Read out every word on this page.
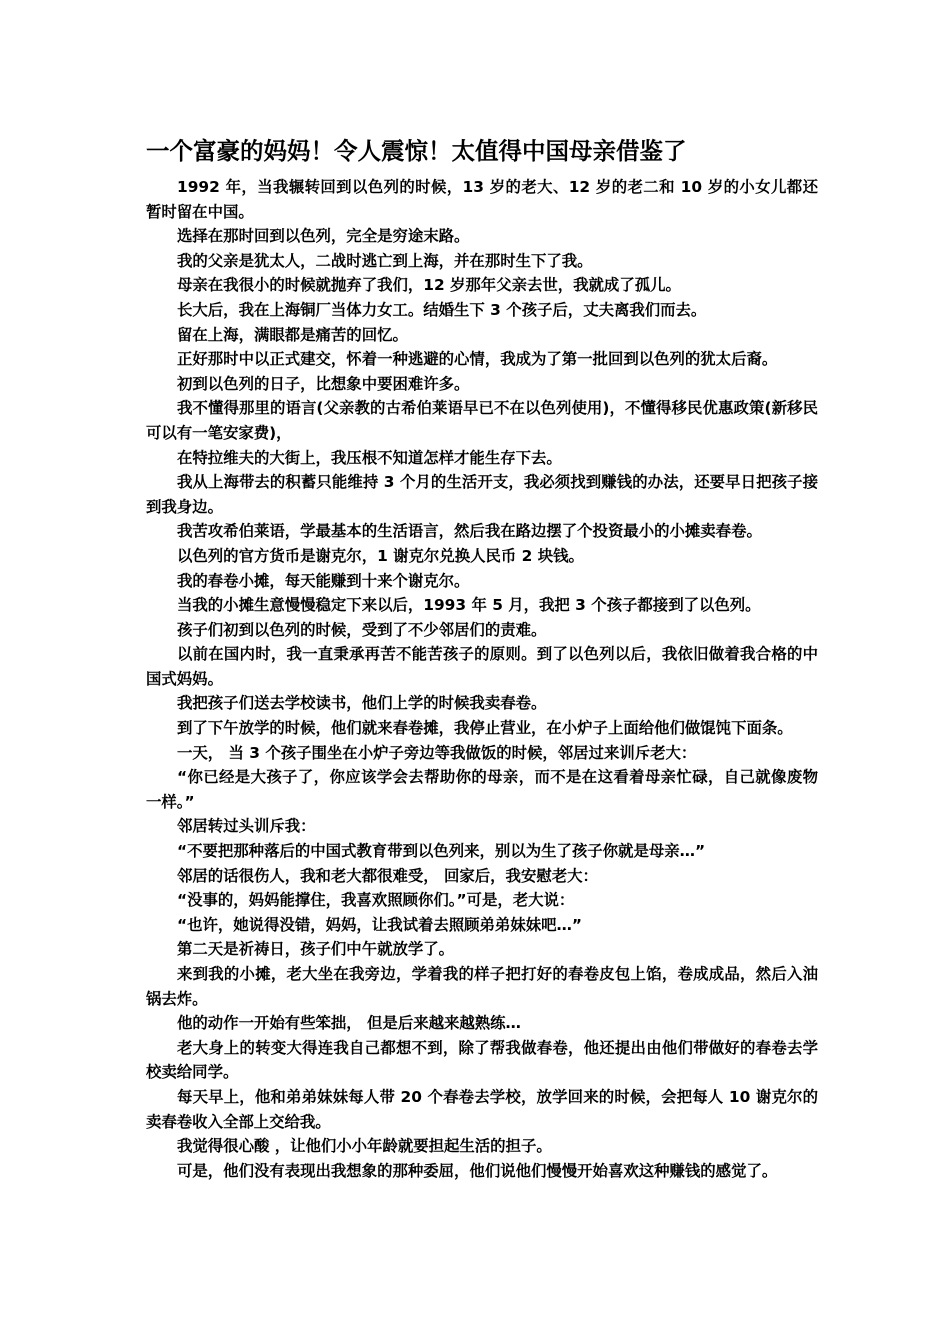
一个富豪的妈妈！令人震惊！太值得中国母亲借鉴了

1992 年，当我辗转回到以色列的时候，13 岁的老大、12 岁的老二和 10 岁的小女儿都还暂时留在中国。

选择在那时回到以色列，完全是穷途末路。

我的父亲是犹太人，二战时逃亡到上海，并在那时生下了我。

母亲在我很小的时候就抛弃了我们，12 岁那年父亲去世，我就成了孤儿。

长大后，我在上海铜厂当体力女工。结婚生下 3 个孩子后，丈夫离我们而去。

留在上海，满眼都是痛苦的回忆。

正好那时中以正式建交，怀着一种逃避的心情，我成为了第一批回到以色列的犹太后裔。

初到以色列的日子，比想象中要困难许多。

我不懂得那里的语言(父亲教的古希伯莱语早已不在以色列使用)，不懂得移民优惠政策(新移民可以有一笔安家费)，

在特拉维夫的大街上，我压根不知道怎样才能生存下去。

我从上海带去的积蓄只能维持 3 个月的生活开支，我必须找到赚钱的办法，还要早日把孩子接到我身边。

我苦攻希伯莱语，学最基本的生活语言，然后我在路边摆了个投资最小的小摊卖春卷。

以色列的官方货币是谢克尔，1 谢克尔兑换人民币 2 块钱。

我的春卷小摊，每天能赚到十来个谢克尔。

当我的小摊生意慢慢稳定下来以后，1993 年 5 月，我把 3 个孩子都接到了以色列。

孩子们初到以色列的时候，受到了不少邻居们的责难。

以前在国内时，我一直秉承再苦不能苦孩子的原则。到了以色列以后，我依旧做着我合格的中国式妈妈。

我把孩子们送去学校读书，他们上学的时候我卖春卷。

到了下午放学的时候，他们就来春卷摊，我停止营业，在小炉子上面给他们做馄饨下面条。

一天， 当 3 个孩子围坐在小炉子旁边等我做饭的时候，邻居过来训斥老大：

“你已经是大孩子了，你应该学会去帮助你的母亲，而不是在这看着母亲忙碌，自己就像废物一样。”

邻居转过头训斥我：

“不要把那种落后的中国式教育带到以色列来，别以为生了孩子你就是母亲…”

邻居的话很伤人，我和老大都很难受， 回家后，我安慰老大：

“没事的，妈妈能撑住，我喜欢照顾你们。”可是，老大说：

“也许，她说得没错，妈妈，让我试着去照顾弟弟妹妹吧…”

第二天是祈祷日，孩子们中午就放学了。

来到我的小摊，老大坐在我旁边，学着我的样子把打好的春卷皮包上馅，卷成成品，然后入油锅去炸。

他的动作一开始有些笨拙， 但是后来越来越熟练…

老大身上的转变大得连我自己都想不到，除了帮我做春卷，他还提出由他们带做好的春卷去学校卖给同学。

每天早上，他和弟弟妹妹每人带 20 个春卷去学校，放学回来的时候，会把每人 10 谢克尔的卖春卷收入全部上交给我。

我觉得很心酸 ，让他们小小年龄就要担起生活的担子。

可是，他们没有表现出我想象的那种委屈，他们说他们慢慢开始喜欢这种赚钱的感觉了。
